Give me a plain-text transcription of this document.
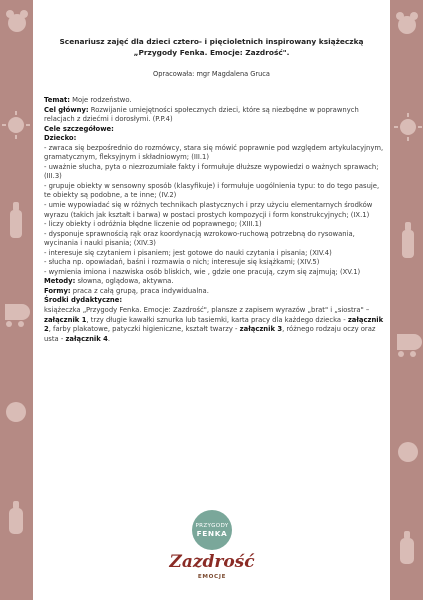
Scenariusz zajęć dla dzieci cztero- i pięcioletnich inspirowany książeczką
„Przygody Fenka. Emocje: Zazdrość".
Opracowała: mgr Magdalena Gruca

Temat: Moje rodzeństwo.

Cel główny: Rozwijanie umiejętności społecznych dzieci, które są niezbędne w poprawnych relacjach z dziećmi i dorosłymi. (P.P.4)

Cele szczegółowe:

Dziecko:

- zwraca się bezpośrednio do rozmówcy, stara się mówić poprawnie pod względem artykulacyjnym, gramatycznym, fleksyjnym i składniowym; (III.1)

- uważnie słucha, pyta o niezrozumiałe fakty i formułuje dłuższe wypowiedzi o ważnych sprawach; (III.3)

- grupuje obiekty w sensowny sposób (klasyfikuje) i formułuje uogólnienia typu: to do tego pasuje, te obiekty są podobne, a te inne; (IV.2)

- umie wypowiadać się w różnych technikach plastycznych i przy użyciu elementarnych środków wyrazu (takich jak kształt i barwa) w postaci prostych kompozycji i form konstrukcyjnych; (IX.1)

- liczy obiekty i odróżnia błędne liczenie od poprawnego; (XIII.1)

- dysponuje sprawnością rąk oraz koordynacją wzrokowo-ruchową potrzebną do rysowania, wycinania i nauki pisania; (XIV.3)

- interesuje się czytaniem i pisaniem; jest gotowe do nauki czytania i pisania; (XIV.4)

- słucha np. opowiadań, baśni i rozmawia o nich; interesuje się książkami; (XIV.5)

- wymienia imiona i nazwiska osób bliskich, wie , gdzie one pracują, czym się zajmują; (XV.1)

Metody: słowna, oglądowa, aktywna.

Formy: praca z całą grupą, praca indywidualna.

Środki dydaktyczne:

książeczka „Przygody Fenka. Emocje: Zazdrość", plansze z zapisem wyrazów „brat" i „siostra" – załącznik 1, trzy długie kawałki sznurka lub tasiemki, karta pracy dla każdego dziecka - załącznik 2, farby plakatowe, patyczki higieniczne, kształt twarzy - załącznik 3, różnego rodzaju oczy oraz usta - załącznik 4.

PRZYGODY
FENKA
Zazdrość
EMOCJE
